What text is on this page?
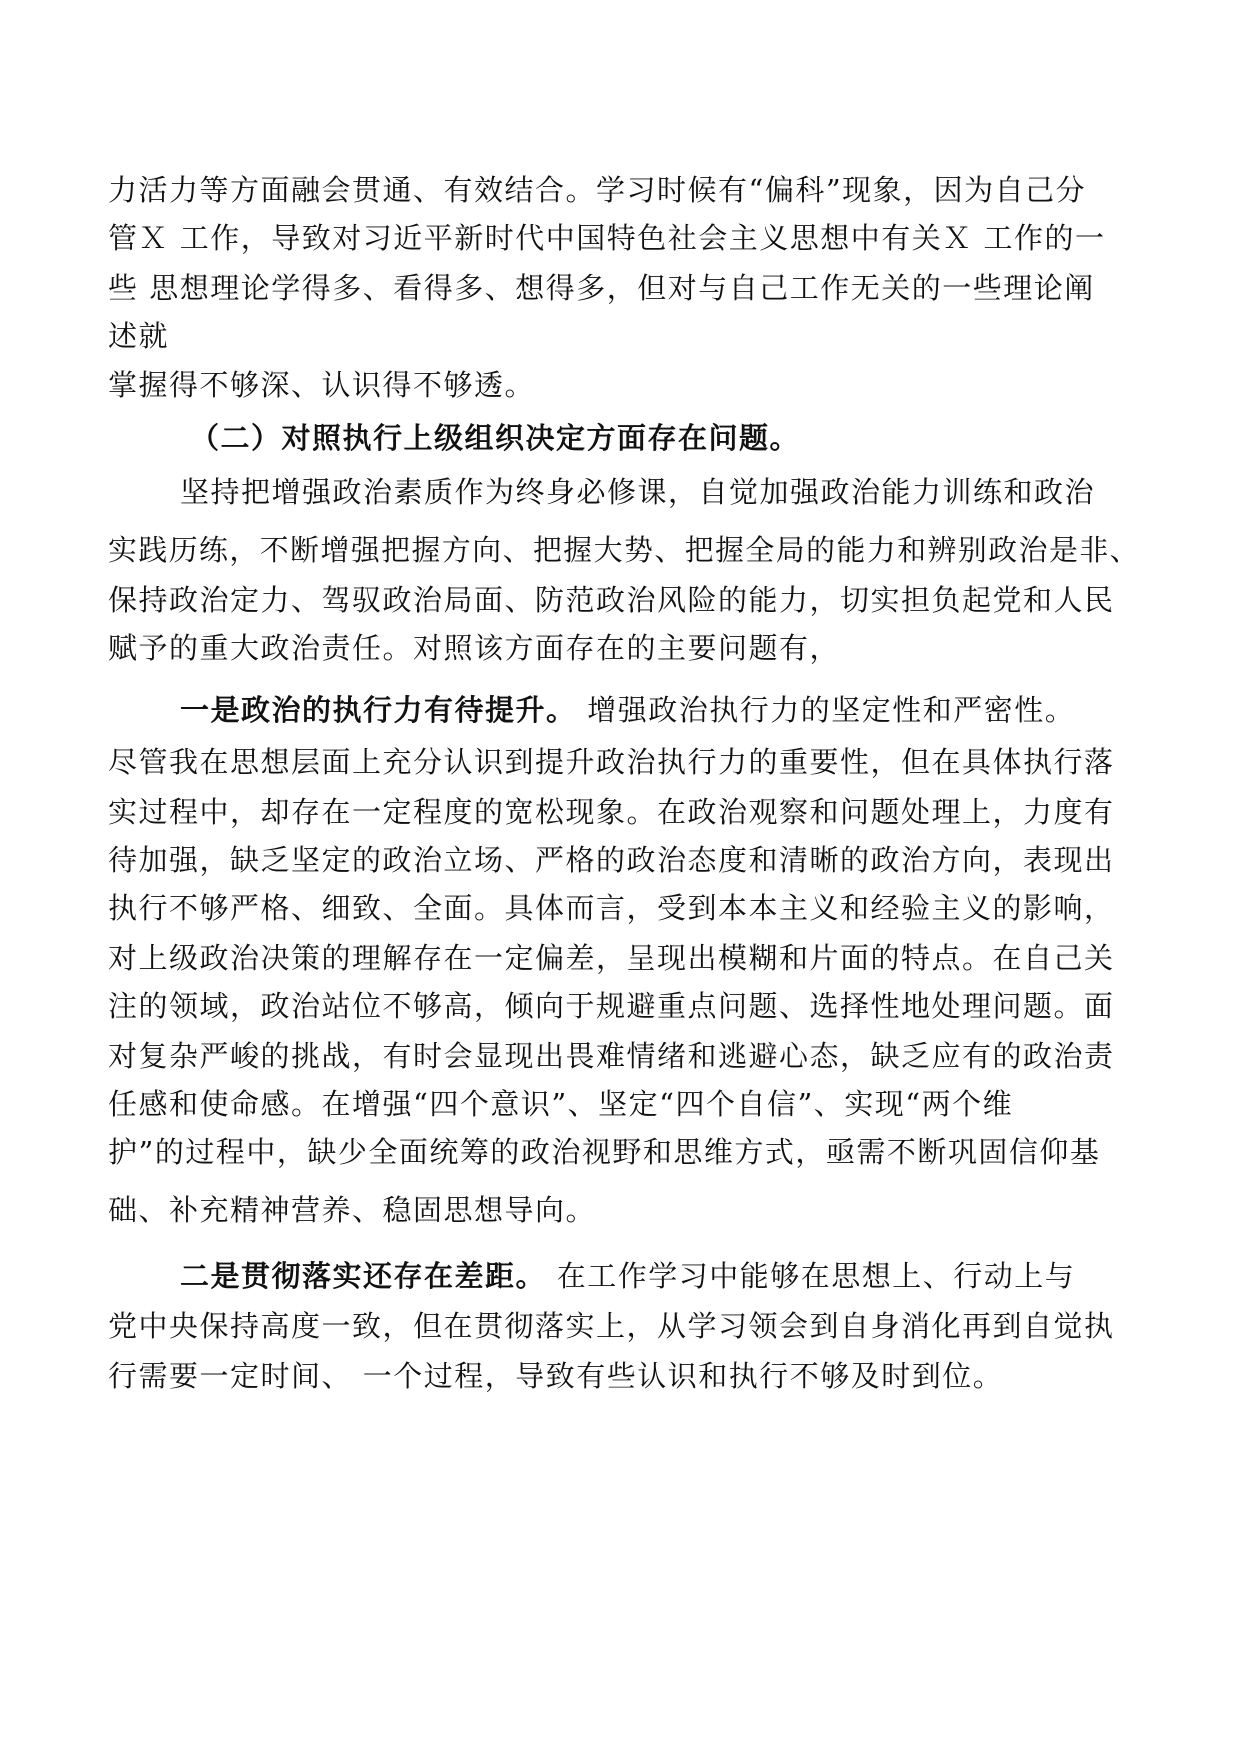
力活力等方面融会贯通、有效结合。学习时候有“偏科”现象，因为自己分
管Ｘ 工作，导致对习近平新时代中国特色社会主义思想中有关Ｘ 工作的一
些 思想理论学得多、看得多、想得多，但对与自己工作无关的一些理论阐
述就
掌握得不够深、认识得不够透。
（二）对照执行上级组织决定方面存在问题。
坚持把增强政治素质作为终身必修课，自觉加强政治能力训练和政治
实践历练，不断增强把握方向、把握大势、把握全局的能力和辨别政治是非、
保持政治定力、驾驭政治局面、防范政治风险的能力，切实担负起党和人民
赋予的重大政治责任。对照该方面存在的主要问题有，
一是政治的执行力有待提升。 增强政治执行力的坚定性和严密性。
尽管我在思想层面上充分认识到提升政治执行力的重要性，但在具体执行落
实过程中，却存在一定程度的宽松现象。在政治观察和问题处理上，力度有
待加强，缺乏坚定的政治立场、严格的政治态度和清晰的政治方向，表现出
执行不够严格、细致、全面。具体而言，受到本本主义和经验主义的影响，
对上级政治决策的理解存在一定偏差，呈现出模糊和片面的特点。在自己关
注的领域，政治站位不够高，倾向于规避重点问题、选择性地处理问题。面
对复杂严峻的挑战，有时会显现出畏难情绪和逃避心态，缺乏应有的政治责
任感和使命感。在增强“四个意识”、坚定“四个自信”、实现“两个维
护”的过程中，缺少全面统筹的政治视野和思维方式，亟需不断巩固信仰基
础、补充精神营养、稳固思想导向。
二是贯彻落实还存在差距。 在工作学习中能够在思想上、行动上与
党中央保持高度一致，但在贯彻落实上，从学习领会到自身消化再到自觉执
行需要一定时间、 一个过程，导致有些认识和执行不够及时到位。
